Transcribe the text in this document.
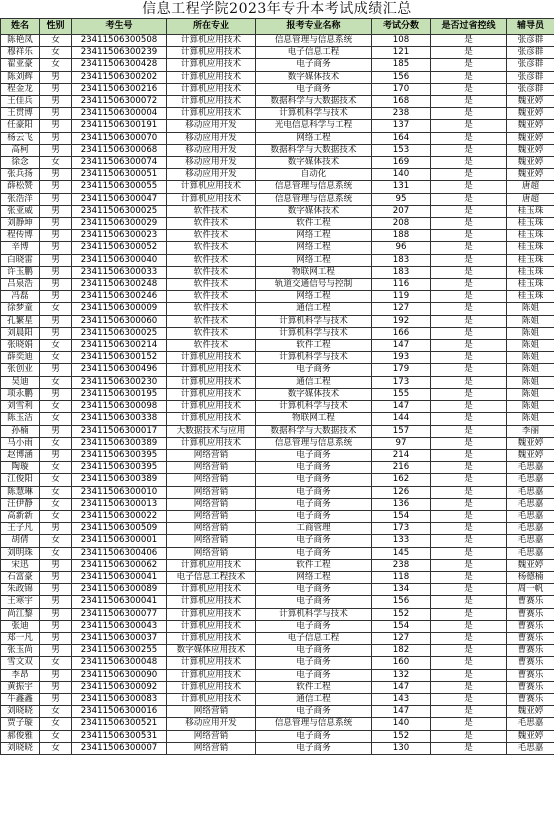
信息工程学院2023年专升本考试成绩汇总
姓名	性别	考生号	所在专业	报考专业名称	考试分数	是否过省控线	辅导员
陈艳凤	女	23411506300508	计算机应用技术	信息管理与信息系统	108	是	张彦群
穆祥乐	女	23411506300239	计算机应用技术	电子信息工程	121	是	张彦群
翟亚豪	女	23411506300428	计算机应用技术	电子商务	185	是	张彦群
陈刘辉	男	23411506300202	计算机应用技术	数字媒体技术	156	是	张彦群
程金龙	男	23411506300216	计算机应用技术	电子商务	170	是	张彦群
王佳兵	男	23411506300072	计算机应用技术	数据科学与大数据技术	168	是	魏亚婷
王贯博	男	23411506300004	计算机应用技术	计算机科学与技术	238	是	魏亚婷
任豪阳	男	23411506300191	移动应用开发	光电信息科学与工程	137	是	魏亚婷
杨云飞	男	23411506300070	移动应用开发	网络工程	164	是	魏亚婷
高柯	男	23411506300068	移动应用开发	数据科学与大数据技术	153	是	魏亚婷
徐念	女	23411506300074	移动应用开发	数字媒体技术	169	是	魏亚婷
张兵扬	男	23411506300051	移动应用开发	自动化	140	是	魏亚婷
薛松赞	男	23411506300055	计算机应用技术	信息管理与信息系统	131	是	唐超
张浩洋	男	23411506300047	计算机应用技术	信息管理与信息系统	95	是	唐超
张亚威	男	23411506300025	软件技术	数字媒体技术	207	是	桂玉珠
刘静坤	男	23411506300029	软件技术	软件工程	208	是	桂玉珠
程传博	男	23411506300023	软件技术	网络工程	188	是	桂玉珠
辛博	男	23411506300052	软件技术	网络工程	96	是	桂玉珠
白晓雷	男	23411506300040	软件技术	网络工程	183	是	桂玉珠
许玉鹏	男	23411506300033	软件技术	物联网工程	183	是	桂玉珠
吕泉浩	男	23411506300248	软件技术	轨道交通信号与控制	116	是	桂玉珠
冯磊	男	23411506300246	软件技术	网络工程	119	是	桂玉珠
徐梦童	女	23411506300009	软件技术	通信工程	127	是	陈姐
孔繁星	男	23411506300060	软件技术	计算机科学与技术	192	是	陈姐
刘晨阳	男	23411506300025	软件技术	计算机科学与技术	166	是	陈姐
张晓娟	女	23411506300214	软件技术	软件工程	147	是	陈姐
薛奕迪	女	23411506300152	计算机应用技术	计算机科学与技术	193	是	陈姐
张创业	男	23411506300496	计算机应用技术	电子商务	179	是	陈姐
吴迪	女	23411506300230	计算机应用技术	通信工程	173	是	陈姐
项永鹏	男	23411506300195	计算机应用技术	数字媒体技术	155	是	陈姐
刘雪利	女	23411506300098	计算机应用技术	计算机科学与技术	147	是	陈姐
陈玉洁	女	23411506300338	计算机应用技术	物联网工程	144	是	陈姐
孙楠	男	23411506300017	大数据技术与应用	数据科学与大数据技术	157	是	李丽
马小雨	女	23411506300389	计算机应用技术	信息管理与信息系统	97	是	魏亚婷
赵博涵	男	23411506300395	网络营销	电子商务	214	是	魏亚婷
陶璇	女	23411506300395	网络营销	电子商务	216	是	毛思嘉
江俊阳	女	23411506300389	网络营销	电子商务	162	是	毛思嘉
陈慧琳	女	23411506300010	网络营销	电子商务	126	是	毛思嘉
汪伊静	女	23411506300013	网络营销	电子商务	136	是	毛思嘉
高新新	女	23411506300022	网络营销	电子商务	154	是	毛思嘉
王子凡	男	23411506300509	网络营销	工商管理	173	是	毛思嘉
胡倩	女	23411506300001	网络营销	电子商务	133	是	毛思嘉
刘明珠	女	23411506300406	网络营销	电子商务	145	是	毛思嘉
宋迅	男	23411506300062	计算机应用技术	软件工程	238	是	魏亚婷
石富豪	男	23411506300041	电子信息工程技术	网络工程	118	是	杨德楠
朱政锦	男	23411506300089	计算机应用技术	电子商务	134	是	周一帆
王寒宇	男	23411506300041	计算机应用技术	电子商务	156	是	曹赛乐
尚江黎	男	23411506300077	计算机应用技术	计算机科学与技术	152	是	曹赛乐
张迪	男	23411506300043	计算机应用技术	电子商务	154	是	曹赛乐
郑一凡	男	23411506300037	计算机应用技术	电子信息工程	127	是	曹赛乐
张玉尚	男	23411506300255	数字媒体应用技术	电子商务	182	是	曹赛乐
雪文双	女	23411506300048	计算机应用技术	电子商务	160	是	曹赛乐
李昂	男	23411506300090	计算机应用技术	电子商务	132	是	曹赛乐
黄振宇	男	23411506300092	计算机应用技术	软件工程	147	是	曹赛乐
牛鑫鑫	男	23411506300083	计算机应用技术	通信工程	143	是	曹赛乐
刘晓晓	女	23411506300016	网络营销	电子商务	147	是	魏亚婷
贾子璇	女	23411506300521	移动应用开发	信息管理与信息系统	140	是	毛思嘉
郝俊雅	女	23411506300531	网络营销	电子商务	152	是	魏亚婷
刘晓晓	女	23411506300007	网络营销	电子商务	130	是	毛思嘉
